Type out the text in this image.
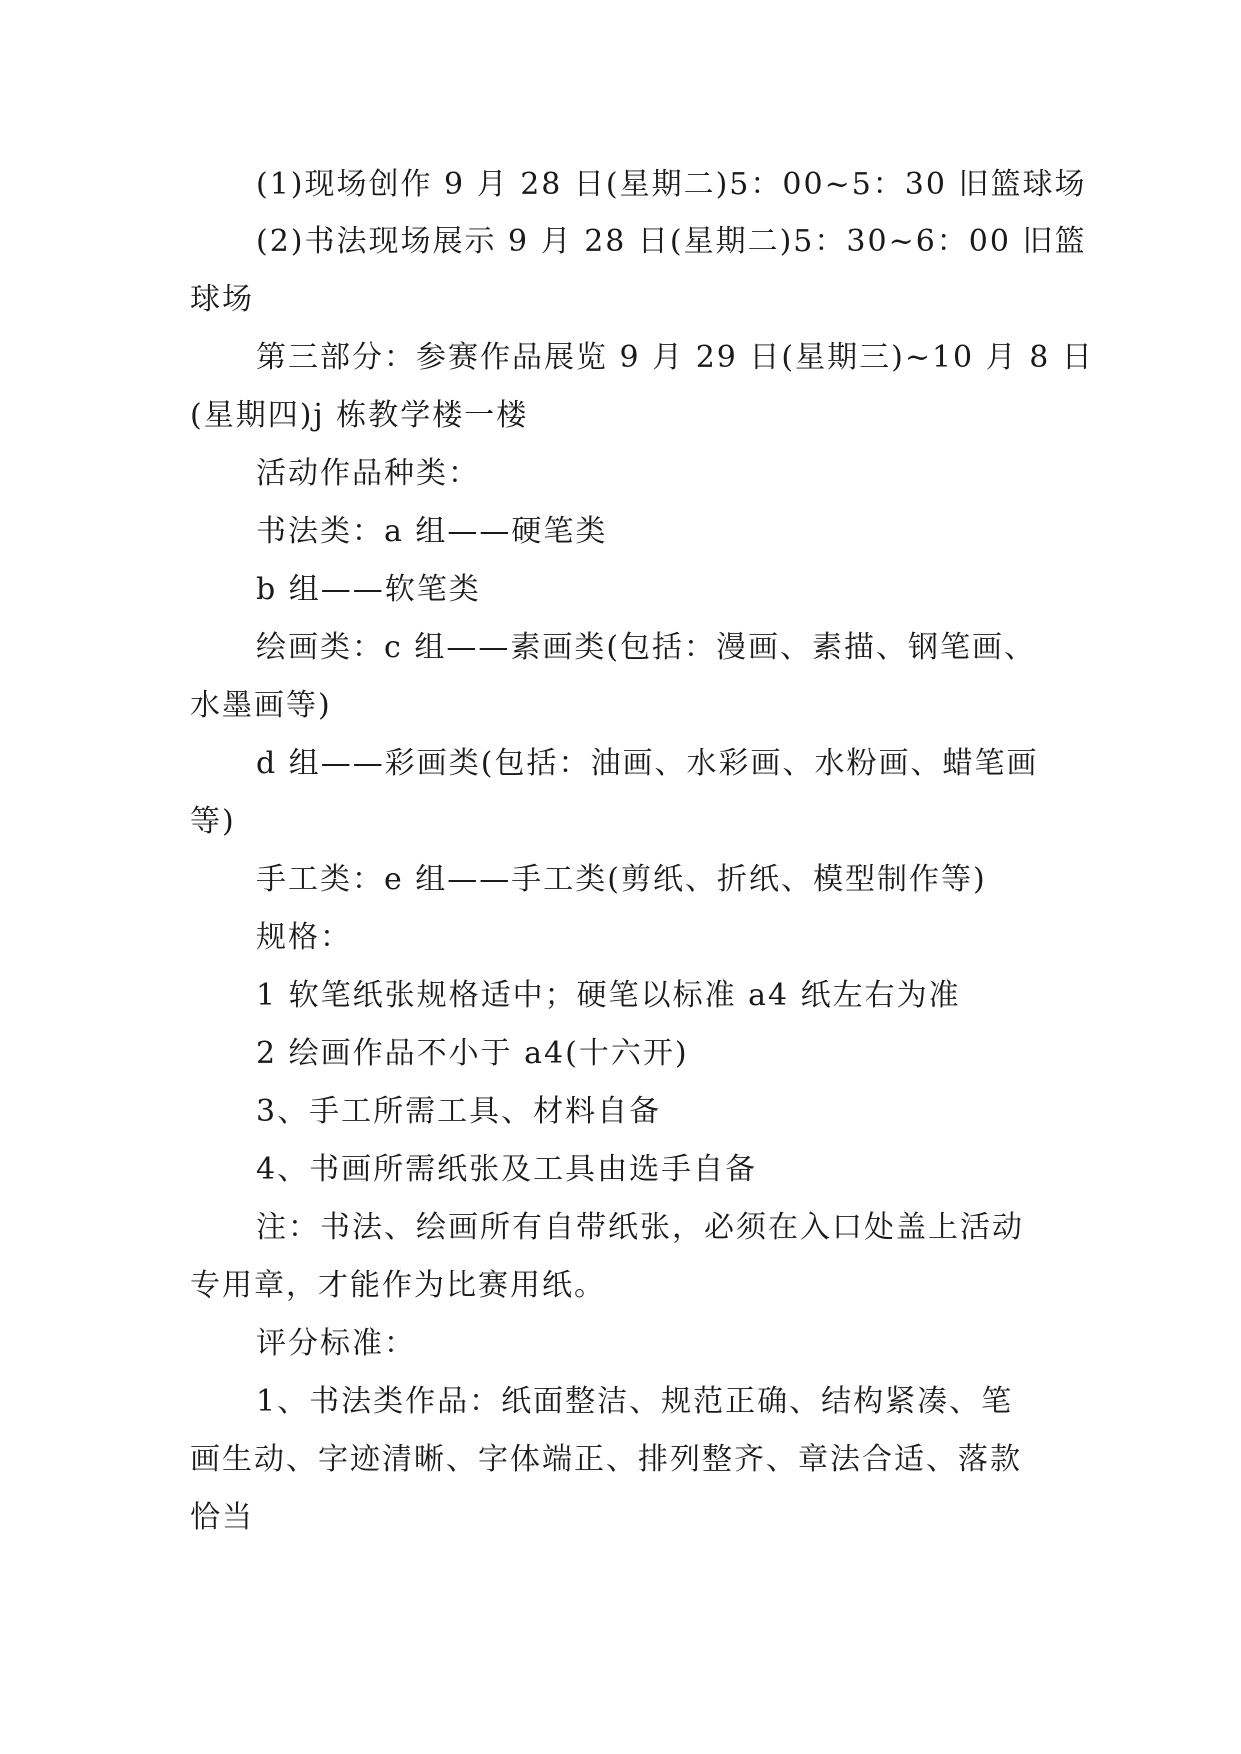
(1)现场创作 9 月 28 日(星期二)5：00~5：30 旧篮球场

(2)书法现场展示 9 月 28 日(星期二)5：30~6：00 旧篮

球场

第三部分：参赛作品展览 9 月 29 日(星期三)~10 月 8 日

(星期四)j 栋教学楼一楼

活动作品种类：

书法类：a 组——硬笔类

b 组——软笔类

绘画类：c 组——素画类(包括：漫画、素描、钢笔画、

水墨画等)

d 组——彩画类(包括：油画、水彩画、水粉画、蜡笔画

等)

手工类：e 组——手工类(剪纸、折纸、模型制作等)

规格：

1 软笔纸张规格适中；硬笔以标准 a4 纸左右为准

2 绘画作品不小于 a4(十六开)

3、手工所需工具、材料自备

4、书画所需纸张及工具由选手自备

注：书法、绘画所有自带纸张，必须在入口处盖上活动

专用章，才能作为比赛用纸。

评分标准：

1、书法类作品：纸面整洁、规范正确、结构紧凑、笔

画生动、字迹清晰、字体端正、排列整齐、章法合适、落款

恰当
